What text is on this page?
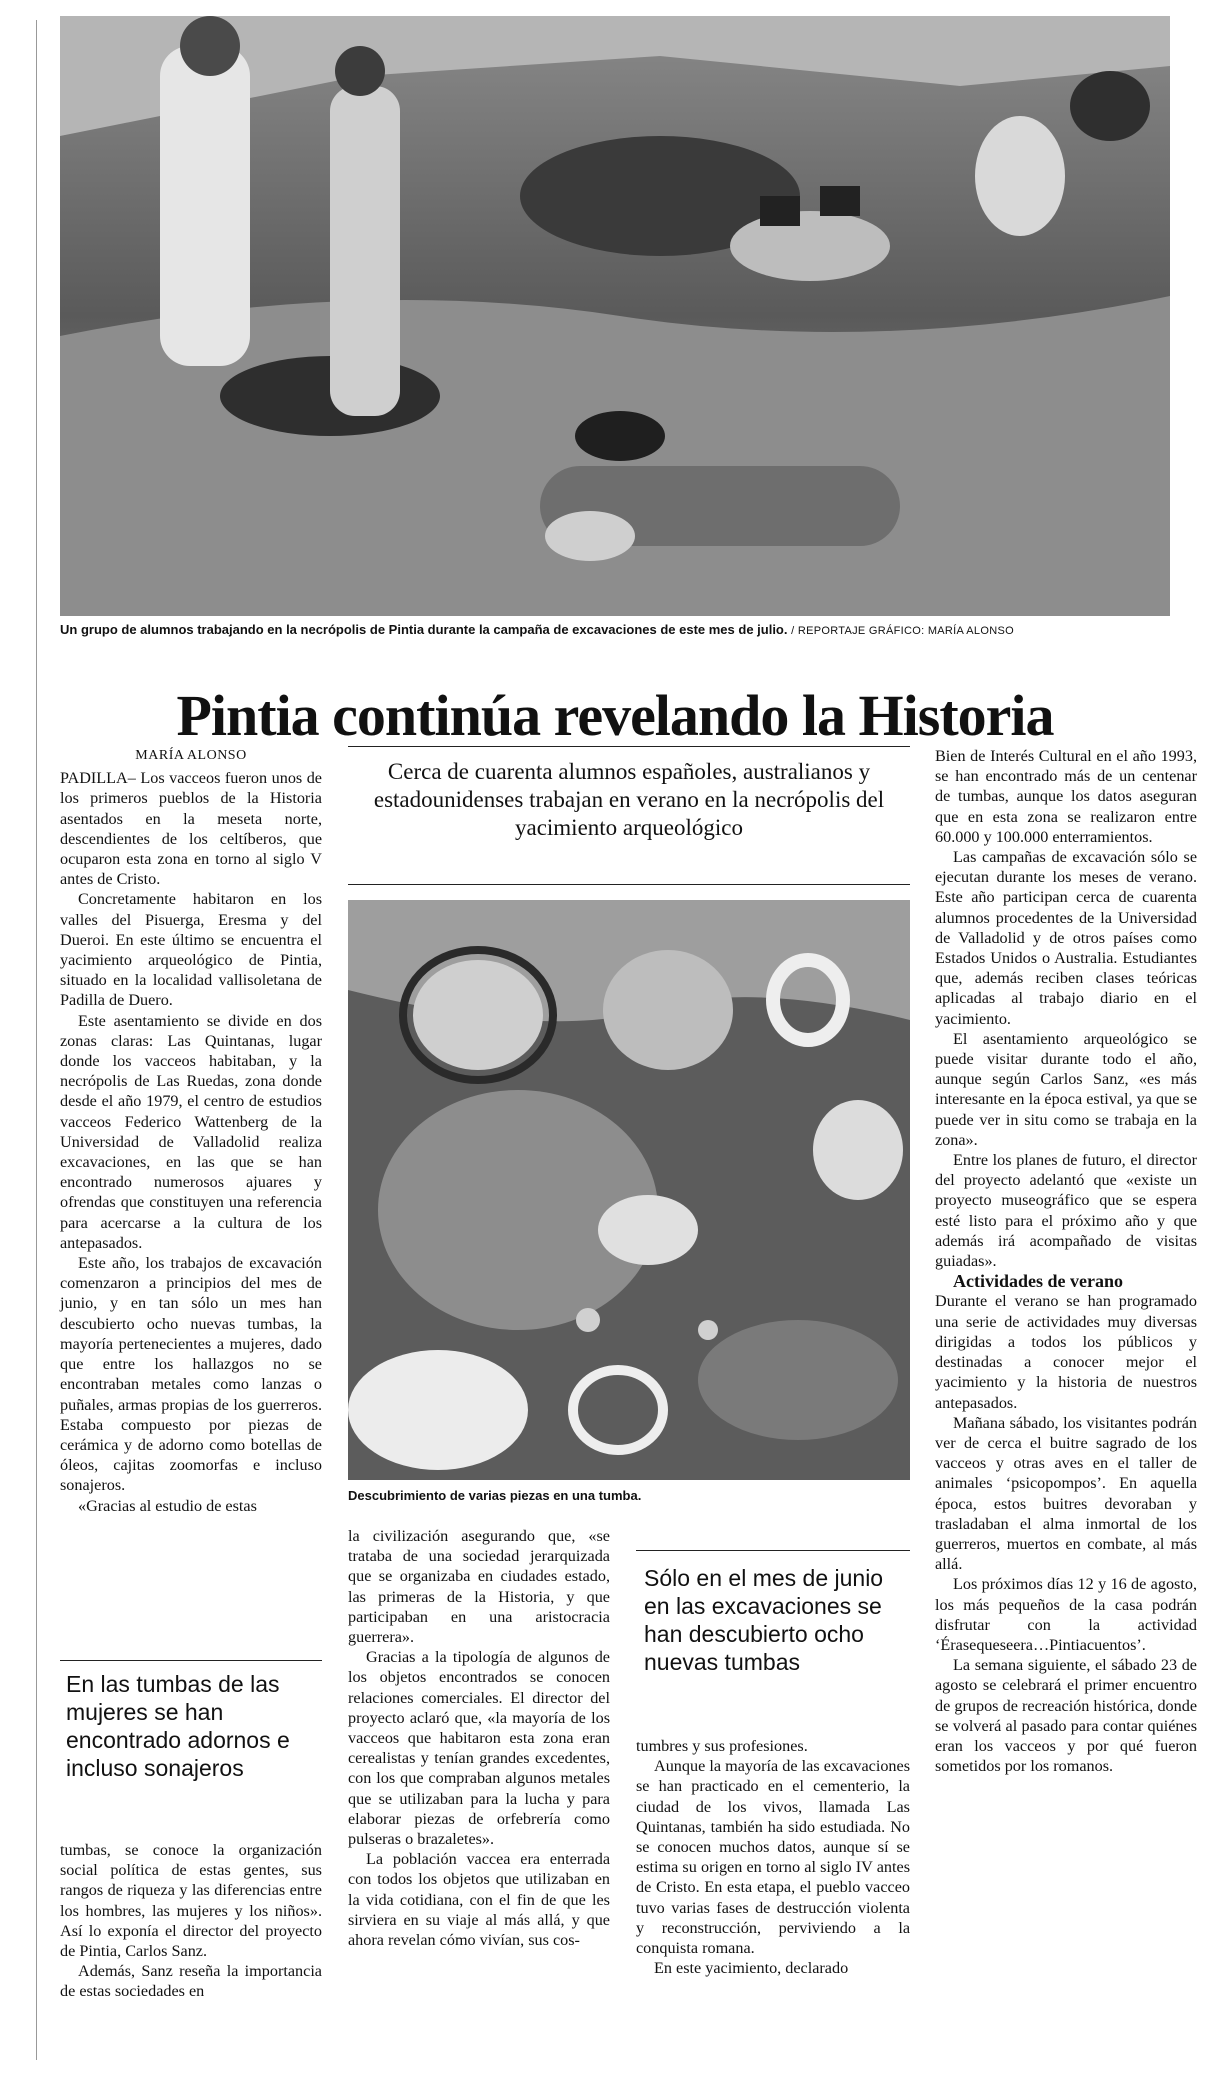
Un grupo de alumnos trabajando en la necrópolis de Pintia durante la campaña de excavaciones de este mes de julio. / REPORTAJE GRÁFICO: MARÍA ALONSO
Pintia continúa revelando la Historia
MARÍA ALONSO

PADILLA– Los vacceos fueron unos de los primeros pueblos de la Historia asentados en la meseta norte, descendientes de los celtíberos, que ocuparon esta zona en torno al siglo V antes de Cristo.

Concretamente habitaron en los valles del Pisuerga, Eresma y del Dueroi. En este último se encuentra el yacimiento arqueológico de Pintia, situado en la localidad vallisoletana de Padilla de Duero.

Este asentamiento se divide en dos zonas claras: Las Quintanas, lugar donde los vacceos habitaban, y la necrópolis de Las Ruedas, zona donde desde el año 1979, el centro de estudios vacceos Federico Wattenberg de la Universidad de Valladolid realiza excavaciones, en las que se han encontrado numerosos ajuares y ofrendas que constituyen una referencia para acercarse a la cultura de los antepasados.

Este año, los trabajos de excavación comenzaron a principios del mes de junio, y en tan sólo un mes han descubierto ocho nuevas tumbas, la mayoría pertenecientes a mujeres, dado que entre los hallazgos no se encontraban metales como lanzas o puñales, armas propias de los guerreros. Estaba compuesto por piezas de cerámica y de adorno como botellas de óleos, cajitas zoomorfas e incluso sonajeros.

«Gracias al estudio de estas

En las tumbas de las mujeres se han encontrado adornos e incluso sonajeros

tumbas, se conoce la organización social política de estas gentes, sus rangos de riqueza y las diferencias entre los hombres, las mujeres y los niños». Así lo exponía el director del proyecto de Pintia, Carlos Sanz.

Además, Sanz reseña la importancia de estas sociedades en

Cerca de cuarenta alumnos españoles, australianos y estadounidenses trabajan en verano en la necrópolis del yacimiento arqueológico
Descubrimiento de varias piezas en una tumba.

la civilización asegurando que, «se trataba de una sociedad jerarquizada que se organizaba en ciudades estado, las primeras de la Historia, y que participaban en una aristocracia guerrera».

Gracias a la tipología de algunos de los objetos encontrados se conocen relaciones comerciales. El director del proyecto aclaró que, «la mayoría de los vacceos que habitaron esta zona eran cerealistas y tenían grandes excedentes, con los que compraban algunos metales que se utilizaban para la lucha y para elaborar piezas de orfebrería como pulseras o brazaletes».

La población vaccea era enterrada con todos los objetos que utilizaban en la vida cotidiana, con el fin de que les sirviera en su viaje al más allá, y que ahora revelan cómo vivían, sus cos-

Sólo en el mes de junio en las excavaciones se han descubierto ocho nuevas tumbas

tumbres y sus profesiones.

Aunque la mayoría de las excavaciones se han practicado en el cementerio, la ciudad de los vivos, llamada Las Quintanas, también ha sido estudiada. No se conocen muchos datos, aunque sí se estima su origen en torno al siglo IV antes de Cristo. En esta etapa, el pueblo vacceo tuvo varias fases de destrucción violenta y reconstrucción, perviviendo a la conquista romana.

En este yacimiento, declarado

Bien de Interés Cultural en el año 1993, se han encontrado más de un centenar de tumbas, aunque los datos aseguran que en esta zona se realizaron entre 60.000 y 100.000 enterramientos.

Las campañas de excavación sólo se ejecutan durante los meses de verano. Este año participan cerca de cuarenta alumnos procedentes de la Universidad de Valladolid y de otros países como Estados Unidos o Australia. Estudiantes que, además reciben clases teóricas aplicadas al trabajo diario en el yacimiento.

El asentamiento arqueológico se puede visitar durante todo el año, aunque según Carlos Sanz, «es más interesante en la época estival, ya que se puede ver in situ como se trabaja en la zona».

Entre los planes de futuro, el director del proyecto adelantó que «existe un proyecto museográfico que se espera esté listo para el próximo año y que además irá acompañado de visitas guiadas».

Actividades de verano

Durante el verano se han programado una serie de actividades muy diversas dirigidas a todos los públicos y destinadas a conocer mejor el yacimiento y la historia de nuestros antepasados.

Mañana sábado, los visitantes podrán ver de cerca el buitre sagrado de los vacceos y otras aves en el taller de animales ‘psicopompos’. En aquella época, estos buitres devoraban y trasladaban el alma inmortal de los guerreros, muertos en combate, al más allá.

Los próximos días 12 y 16 de agosto, los más pequeños de la casa podrán disfrutar con la actividad ‘Érasequeseera…Pintiacuentos’.

La semana siguiente, el sábado 23 de agosto se celebrará el primer encuentro de grupos de recreación histórica, donde se volverá al pasado para contar quiénes eran los vacceos y por qué fueron sometidos por los romanos.
